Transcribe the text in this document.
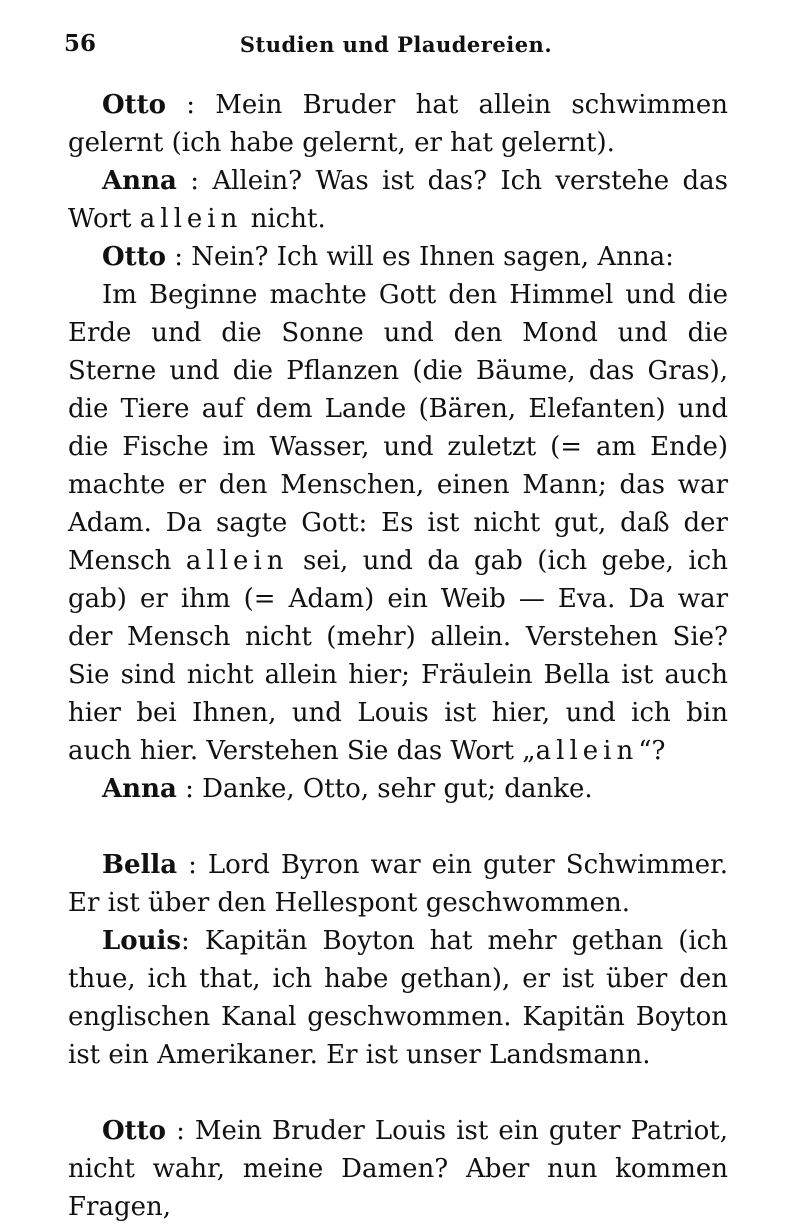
56	Studien und Plaudereien.

Otto : Mein Bruder hat allein schwimmen gelernt (ich habe gelernt, er hat gelernt).

Anna : Allein? Was ist das? Ich verstehe das Wort allein nicht.

Otto : Nein? Ich will es Ihnen sagen, Anna:

Im Beginne machte Gott den Himmel und die Erde und die Sonne und den Mond und die Sterne und die Pflanzen (die Bäume, das Gras), die Tiere auf dem Lande (Bären, Elefanten) und die Fische im Wasser, und zuletzt (= am Ende) machte er den Menschen, einen Mann; das war Adam. Da sagte Gott: Es ist nicht gut, daß der Mensch allein sei, und da gab (ich gebe, ich gab) er ihm (= Adam) ein Weib — Eva. Da war der Mensch nicht (mehr) allein. Verstehen Sie? Sie sind nicht allein hier; Fräulein Bella ist auch hier bei Ihnen, und Louis ist hier, und ich bin auch hier. Verstehen Sie das Wort „allein“?

Anna : Danke, Otto, sehr gut; danke.

Bella : Lord Byron war ein guter Schwimmer. Er ist über den Hellespont geschwommen.

Louis: Kapitän Boyton hat mehr gethan (ich thue, ich that, ich habe gethan), er ist über den englischen Kanal geschwommen. Kapitän Boyton ist ein Amerikaner. Er ist unser Landsmann.

Otto : Mein Bruder Louis ist ein guter Patriot, nicht wahr, meine Damen? Aber nun kommen Fragen,
